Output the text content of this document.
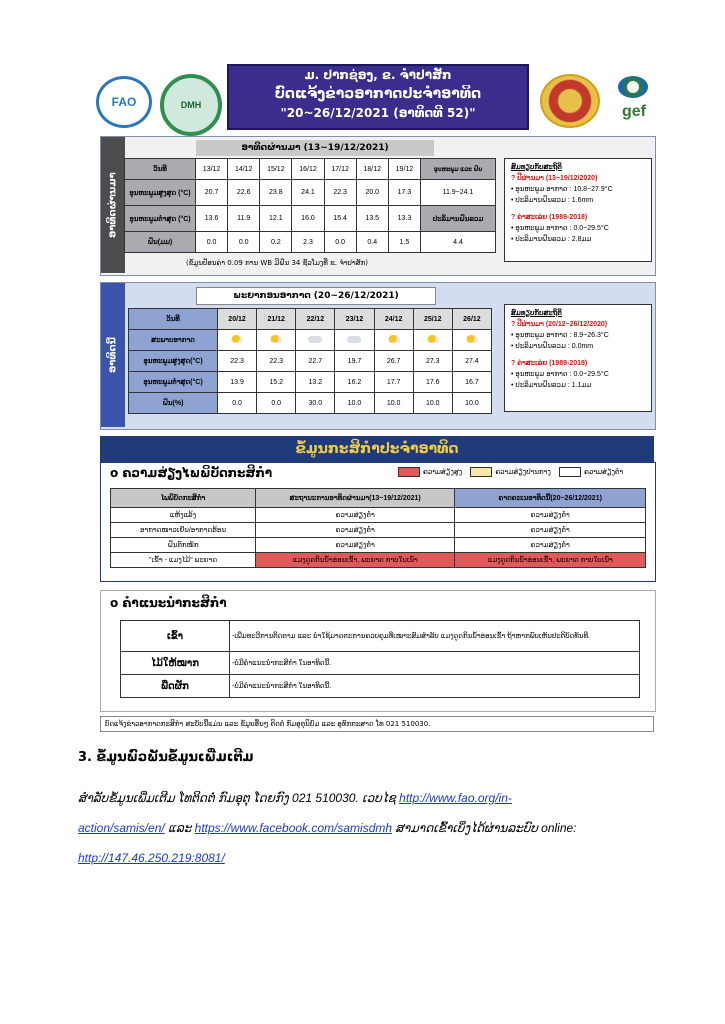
FAO	DMH
ມ. ປາກຊ່ອງ, ຂ. ຈຳປາສັກ
ບົດແຈ້ງຂ່າວອາກາດປະຈຳອາທິດ
"20~26/12/2021 (ອາທິດທີ 52)"	gef
ອາທິດຜ່ານມາ
ອາທິດຜ່ານມາ (13~19/12/2021)
ວັນທີ	13/12	14/12	15/12	16/12	17/12	18/12	19/12	ອຸນຫະພູມ ແລະ ຝົນ
ອຸນຫະພູມສູງສຸດ (°C)	20.7	22.6	23.8	24.1	22.3	20.0	17.3	11.9~24.1
ອຸນຫະພູມຕ່ຳສຸດ (°C)	13.6	11.9	12.1	16.0	15.4	13.5	13.3	ປະລິມານຝົນລວມ
ຝົນ(ມມ)	0.0	0.0	0.2	2.3	0.0	0.4	1.5	4.4
(ຂໍ້ມູນປ້ອນຄ່າ 0.09 ການ WB ມີຝົນ 34 ຊົ່ວໂມງທີ່ ຂ. ຈຳປາສັກ)
ສົມທຽບກັບສະຖິຕິ
? ປີຜ່ານມາ (13~19/12/2020)
• ອຸນຫະພູມ ອາກາດ : 10.8~27.9°C
• ປະລິມານຝົນລວມ : 1.6mm
? ຄ່າສະເລ່ຍ (1989-2018)
• ອຸນຫະພູມ ອາກາດ : 0.0~29.5°C
• ປະລິມານຝົນລວມ : 2.8ມມ
ອາທິດນີ້
ພະຍາກອນອາກາດ (20~26/12/2021)
ວັນທີ	20/12	21/12	22/12	23/12	24/12	25/12	26/12
ສະພາບອາກາດ							
ອຸນຫະພູມສູງສຸດ(°C)	22.3	22.3	22.7	19.7	26.7	27.3	27.4
ອຸນຫະພູມຕ່ຳສຸດ(°C)	13.9	15.2	13.2	16.2	17.7	17.6	16.7
ຝົນ(%)	0.0	0.0	30.0	10.0	10.0	10.0	10.0
ສົມທຽບກັບສະຖິຕິ
? ປີຜ່ານມາ (20/12~26/12/2020)
• ອຸນຫະພູມ ອາກາດ : 8.9~26.3°C
• ປະລິມານຝົນລວມ : 0.0mm
? ຄ່າສະເລ່ຍ (1989-2018)
• ອຸນຫະພູມ ອາກາດ : 0.0~29.5°C
• ປະລິມານຝົນລວມ : 1.1ມມ
ຂໍ້ມູນກະສິກຳປະຈຳອາທິດ
o ຄວາມສ່ຽງໄພພິບັດກະສິກຳ	ຄວາມສ່ຽງສູງ	ຄວາມສ່ຽງປານກາງ	ຄວາມສ່ຽງຕ່ຳ
ໄພພິບັດກະສິກຳ	ສະຖານະການອາທິດຜ່ານມາ(13~19/12/2021)	ຄາດຄະເນອາທິດນີ້(20~26/12/2021)
ແຫ້ງແລ້ງ	ຄວາມສ່ຽງຕ່ຳ	ຄວາມສ່ຽງຕ່ຳ
ອາກາດໜາວເຢັນ/ອາກາດຮ້ອນ	ຄວາມສ່ຽງຕ່ຳ	ຄວາມສ່ຽງຕ່ຳ
ຝົນຕົກໜັກ	ຄວາມສ່ຽງຕ່ຳ	ຄວາມສ່ຽງຕ່ຳ
"ເຂົ້າ - ແມງໄມ້" ພະຍາດ	ແມງດູດກິນນ້ຳອ່ອນເຂົ້າ, ພະຍາດ ກາບໃບເນົ່າ	ແມງດູດກິນນ້ຳອ່ອນເຂົ້າ, ພະຍາດ ກາບໃບເນົ່າ
o ຄຳແນະນຳກະສິກຳ
ເຂົ້າ	-ເພີ່ມທະວີການຕິດຕາມ ແລະ ນຳໃຊ້ມາດຕະການຄວບຄຸມທີ່ເໝາະສົມສຳລັບ ແມງດູດກິນນ້ຳອ່ອນເຂົ້າ ຖ້າຫາກພົບເຫັນປະຕິບັດທັນທີ.
ໄມ້ໃຫ້ໝາກ	-ບໍ່ມີຄຳແນະນຳກະສິກຳ ໃນອາທິດນີ້.
ພືດຜັກ	-ບໍ່ມີຄຳແນະນຳກະສິກຳ ໃນອາທິດນີ້.
ບົດແຈ້ງຂ່າວອາກາດກະສິກຳ ສະບັບນີ້ແມ່ນ ແລະ ຂໍ້ມູນອື່ນໆ ຕິດຕໍ່ ກົມອຸຕຸນິຍົມ ແລະ ອຸທົກກະສາດ ໂທ 021 510030.
3. ຂໍ້ມູນພົວພັນຂໍ້ມູນເພີ່ມເຕີມ
ສຳລັບຂໍ້ມູນເພີ່ມເຕີມ ໂທຕິດຕໍ່ ກົມອຸຕຸ ໂດຍກົງ 021 510030. ເວບໄຊ http://www.fao.org/in-
action/samis/en/ ແລະ https://www.facebook.com/samisdmh ສາມາດເຂົ້າເບິ່ງໄດ້ຜ່ານລະບົບ online:
http://147.46.250.219:8081/
